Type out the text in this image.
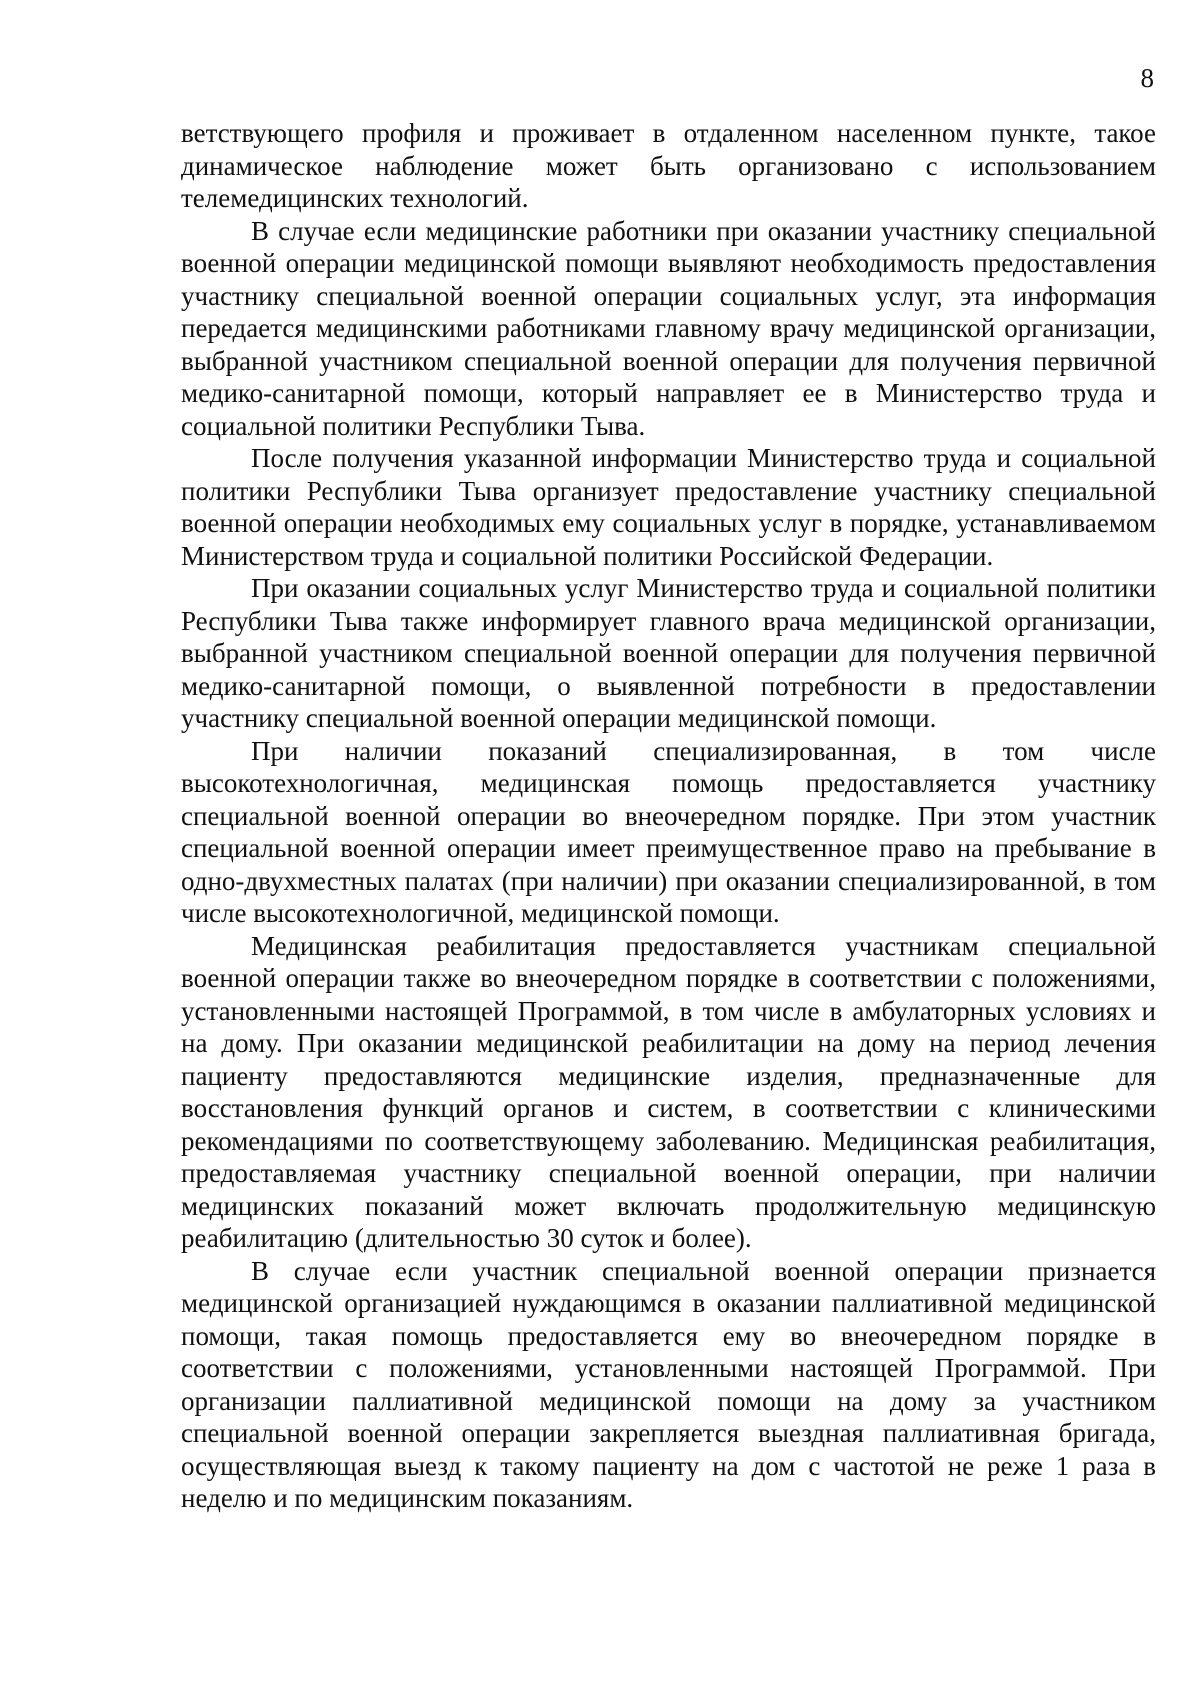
8

ветствующего профиля и проживает в отдаленном населенном пункте, такое динамическое наблюдение может быть организовано с использованием телемедицинских технологий.

В случае если медицинские работники при оказании участнику специальной военной операции медицинской помощи выявляют необходимость предоставления участнику специальной военной операции социальных услуг, эта информация передается медицинскими работниками главному врачу медицинской организации, выбранной участником специальной военной операции для получения первичной медико-санитарной помощи, который направляет ее в Министерство труда и социальной политики Республики Тыва.

После получения указанной информации Министерство труда и социальной политики Республики Тыва организует предоставление участнику специальной военной операции необходимых ему социальных услуг в порядке, устанавливаемом Министерством труда и социальной политики Российской Федерации.

При оказании социальных услуг Министерство труда и социальной политики Республики Тыва также информирует главного врача медицинской организации, выбранной участником специальной военной операции для получения первичной медико-санитарной помощи, о выявленной потребности в предоставлении участнику специальной военной операции медицинской помощи.

При наличии показаний специализированная, в том числе высокотехнологичная, медицинская помощь предоставляется участнику специальной военной операции во внеочередном порядке. При этом участник специальной военной операции имеет преимущественное право на пребывание в одно-двухместных палатах (при наличии) при оказании специализированной, в том числе высокотехнологичной, медицинской помощи.

Медицинская реабилитация предоставляется участникам специальной военной операции также во внеочередном порядке в соответствии с положениями, установленными настоящей Программой, в том числе в амбулаторных условиях и на дому. При оказании медицинской реабилитации на дому на период лечения пациенту предоставляются медицинские изделия, предназначенные для восстановления функций органов и систем, в соответствии с клиническими рекомендациями по соответствующему заболеванию. Медицинская реабилитация, предоставляемая участнику специальной военной операции, при наличии медицинских показаний может включать продолжительную медицинскую реабилитацию (длительностью 30 суток и более).

В случае если участник специальной военной операции признается медицинской организацией нуждающимся в оказании паллиативной медицинской помощи, такая помощь предоставляется ему во внеочередном порядке в соответствии с положениями, установленными настоящей Программой. При организации паллиативной медицинской помощи на дому за участником специальной военной операции закрепляется выездная паллиативная бригада, осуществляющая выезд к такому пациенту на дом с частотой не реже 1 раза в неделю и по медицинским показаниям.
